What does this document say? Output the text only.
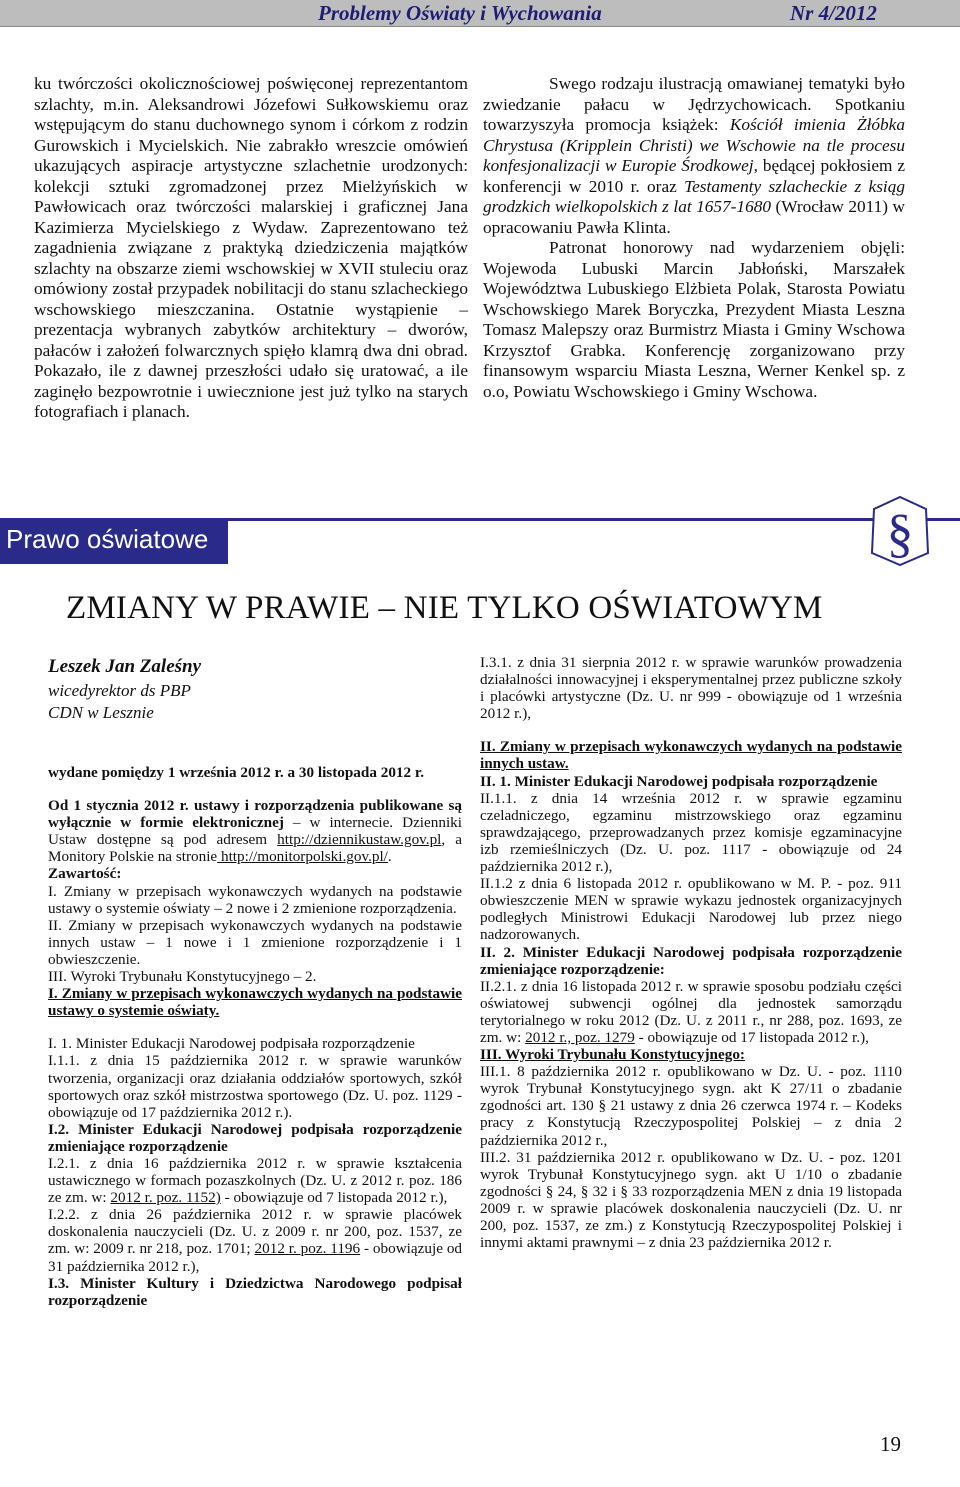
Problemy Oświaty i Wychowania	Nr 4/2012

ku twórczości okolicznościowej poświęconej reprezentantom szlachty, m.in. Aleksandrowi Józefowi Sułkowskiemu oraz wstępującym do stanu duchownego synom i córkom z rodzin Gurowskich i Mycielskich. Nie zabrakło wreszcie omówień ukazujących aspiracje artystyczne szlachetnie urodzonych: kolekcji sztuki zgromadzonej przez Mielżyńskich w Pawłowicach oraz twórczości malarskiej i graficznej Jana Kazimierza Mycielskiego z Wydaw. Zaprezentowano też zagadnienia związane z praktyką dziedziczenia majątków szlachty na obszarze ziemi wschowskiej w XVII stuleciu oraz omówiony został przypadek nobilitacji do stanu szlacheckiego wschowskiego mieszczanina. Ostatnie wystąpienie – prezentacja wybranych zabytków architektury – dworów, pałaców i założeń folwarcznych spięło klamrą dwa dni obrad. Pokazało, ile z dawnej przeszłości udało się uratować, a ile zaginęło bezpowrotnie i uwiecznione jest już tylko na starych fotografiach i planach.

Swego rodzaju ilustracją omawianej tematyki było zwiedzanie pałacu w Jędrzychowicach. Spotkaniu towarzyszyła promocja książek: Kościół imienia Żłóbka Chrystusa (Kripplein Christi) we Wschowie na tle procesu konfesjonalizacji w Europie Środkowej, będącej pokłosiem z konferencji w 2010 r. oraz Testamenty szlacheckie z ksiąg grodzkich wielkopolskich z lat 1657-1680 (Wrocław 2011) w opracowaniu Pawła Klinta.

Patronat honorowy nad wydarzeniem objęli: Wojewoda Lubuski Marcin Jabłoński, Marszałek Województwa Lubuskiego Elżbieta Polak, Starosta Powiatu Wschowskiego Marek Boryczka, Prezydent Miasta Leszna Tomasz Malepszy oraz Burmistrz Miasta i Gminy Wschowa Krzysztof Grabka. Konferencję zorganizowano przy finansowym wsparciu Miasta Leszna, Werner Kenkel sp. z o.o, Powiatu Wschowskiego i Gminy Wschowa.

Prawo oświatowe	§
ZMIANY W PRAWIE – NIE TYLKO OŚWIATOWYM
Leszek Jan Zaleśny
wicedyrektor ds PBP
CDN w Lesznie

wydane pomiędzy 1 września 2012 r. a 30 listopada 2012 r.

Od 1 stycznia 2012 r. ustawy i rozporządzenia publikowane są wyłącznie w formie elektronicznej – w internecie. Dzienniki Ustaw dostępne są pod adresem http://dziennikustaw.gov.pl, a Monitory Polskie na stronie http://monitorpolski.gov.pl/.

Zawartość:

I. Zmiany w przepisach wykonawczych wydanych na podstawie ustawy o systemie oświaty – 2 nowe i 2 zmienione rozporządzenia.

II. Zmiany w przepisach wykonawczych wydanych na podstawie innych ustaw – 1 nowe i 1 zmienione rozporządzenie i 1 obwieszczenie.

III. Wyroki Trybunału Konstytucyjnego – 2.

I. Zmiany w przepisach wykonawczych wydanych na podstawie ustawy o systemie oświaty.

I. 1. Minister Edukacji Narodowej podpisała rozporządzenie

I.1.1. z dnia 15 października 2012 r. w sprawie warunków tworzenia, organizacji oraz działania oddziałów sportowych, szkół sportowych oraz szkół mistrzostwa sportowego (Dz. U. poz. 1129 - obowiązuje od 17 października 2012 r.).

I.2. Minister Edukacji Narodowej podpisała rozporządzenie zmieniające rozporządzenie

I.2.1. z dnia 16 października 2012 r. w sprawie kształcenia ustawicznego w formach pozaszkolnych (Dz. U. z 2012 r. poz. 186 ze zm. w: 2012 r. poz. 1152) - obowiązuje od 7 listopada 2012 r.),

I.2.2. z dnia 26 października 2012 r. w sprawie placówek doskonalenia nauczycieli (Dz. U. z 2009 r. nr 200, poz. 1537, ze zm. w: 2009 r. nr 218, poz. 1701; 2012 r. poz. 1196 - obowiązuje od 31 października 2012 r.),

I.3. Minister Kultury i Dziedzictwa Narodowego podpisał rozporządzenie

I.3.1. z dnia 31 sierpnia 2012 r. w sprawie warunków prowadzenia działalności innowacyjnej i eksperymentalnej przez publiczne szkoły i placówki artystyczne (Dz. U. nr 999 - obowiązuje od 1 września 2012 r.),

II. Zmiany w przepisach wykonawczych wydanych na podstawie innych ustaw.

II. 1. Minister Edukacji Narodowej podpisała rozporządzenie

II.1.1. z dnia 14 września 2012 r. w sprawie egzaminu czeladniczego, egzaminu mistrzowskiego oraz egzaminu sprawdzającego, przeprowadzanych przez komisje egzaminacyjne izb rzemieślniczych (Dz. U. poz. 1117 - obowiązuje od 24 października 2012 r.),

II.1.2 z dnia 6 listopada 2012 r. opublikowano w M. P. - poz. 911 obwieszczenie MEN w sprawie wykazu jednostek organizacyjnych podległych Ministrowi Edukacji Narodowej lub przez niego nadzorowanych.

II. 2. Minister Edukacji Narodowej podpisała rozporządzenie zmieniające rozporządzenie:

II.2.1. z dnia 16 listopada 2012 r. w sprawie sposobu podziału części oświatowej subwencji ogólnej dla jednostek samorządu terytorialnego w roku 2012 (Dz. U. z 2011 r., nr 288, poz. 1693, ze zm. w: 2012 r., poz. 1279 - obowiązuje od 17 listopada 2012 r.),

III. Wyroki Trybunału Konstytucyjnego:

III.1. 8 października 2012 r. opublikowano w Dz. U. - poz. 1110 wyrok Trybunał Konstytucyjnego sygn. akt K 27/11 o zbadanie zgodności art. 130 § 21 ustawy z dnia 26 czerwca 1974 r. – Kodeks pracy z Konstytucją Rzeczypospolitej Polskiej – z dnia 2 października 2012 r.,

III.2. 31 października 2012 r. opublikowano w Dz. U. - poz. 1201 wyrok Trybunał Konstytucyjnego sygn. akt U 1/10 o zbadanie zgodności § 24, § 32 i § 33 rozporządzenia MEN z dnia 19 listopada 2009 r. w sprawie placówek doskonalenia nauczycieli (Dz. U. nr 200, poz. 1537, ze zm.) z Konstytucją Rzeczypospolitej Polskiej i innymi aktami prawnymi – z dnia 23 października 2012 r.

19
